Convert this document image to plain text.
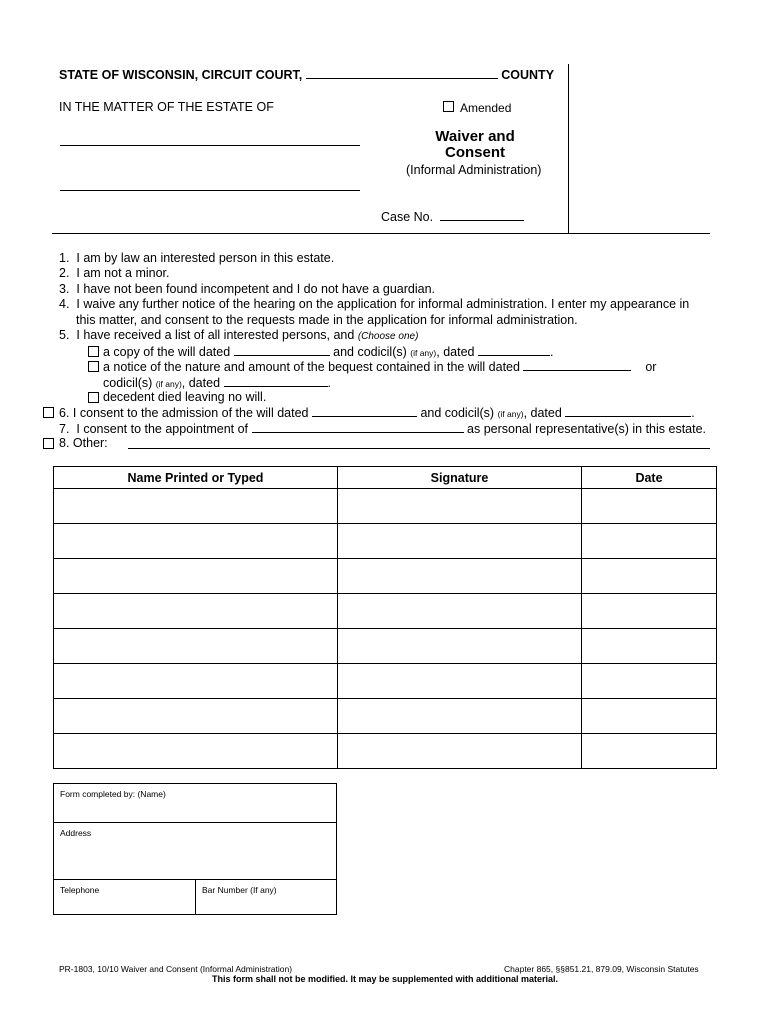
STATE OF WISCONSIN, CIRCUIT COURT,	COUNTY
IN THE MATTER OF THE ESTATE OF	Amended
Waiver and
Consent
(Informal Administration)
Case No.
1. I am by law an interested person in this estate.
2. I am not a minor.
3. I have not been found incompetent and I do not have a guardian.
4. I waive any further notice of the hearing on the application for informal administration. I enter my appearance in
this matter, and consent to the requests made in the application for informal administration.
5. I have received a list of all interested persons, and (Choose one)
a copy of the will dated	and codicil(s) (if any), dated	.
a notice of the nature and amount of the bequest contained in the will dated	or
codicil(s) (if any), dated	.
decedent died leaving no will.
6. I consent to the admission of the will dated	and codicil(s) (if any), dated	.
7. I consent to the appointment of	as personal representative(s) in this estate.
8. Other:
Name Printed or Typed	Signature	Date

Form completed by: (Name)
Address
Telephone	Bar Number (If any)
PR-1803, 10/10 Waiver and Consent (Informal Administration)	Chapter 865, §§851.21, 879.09, Wisconsin Statutes
This form shall not be modified. It may be supplemented with additional material.
